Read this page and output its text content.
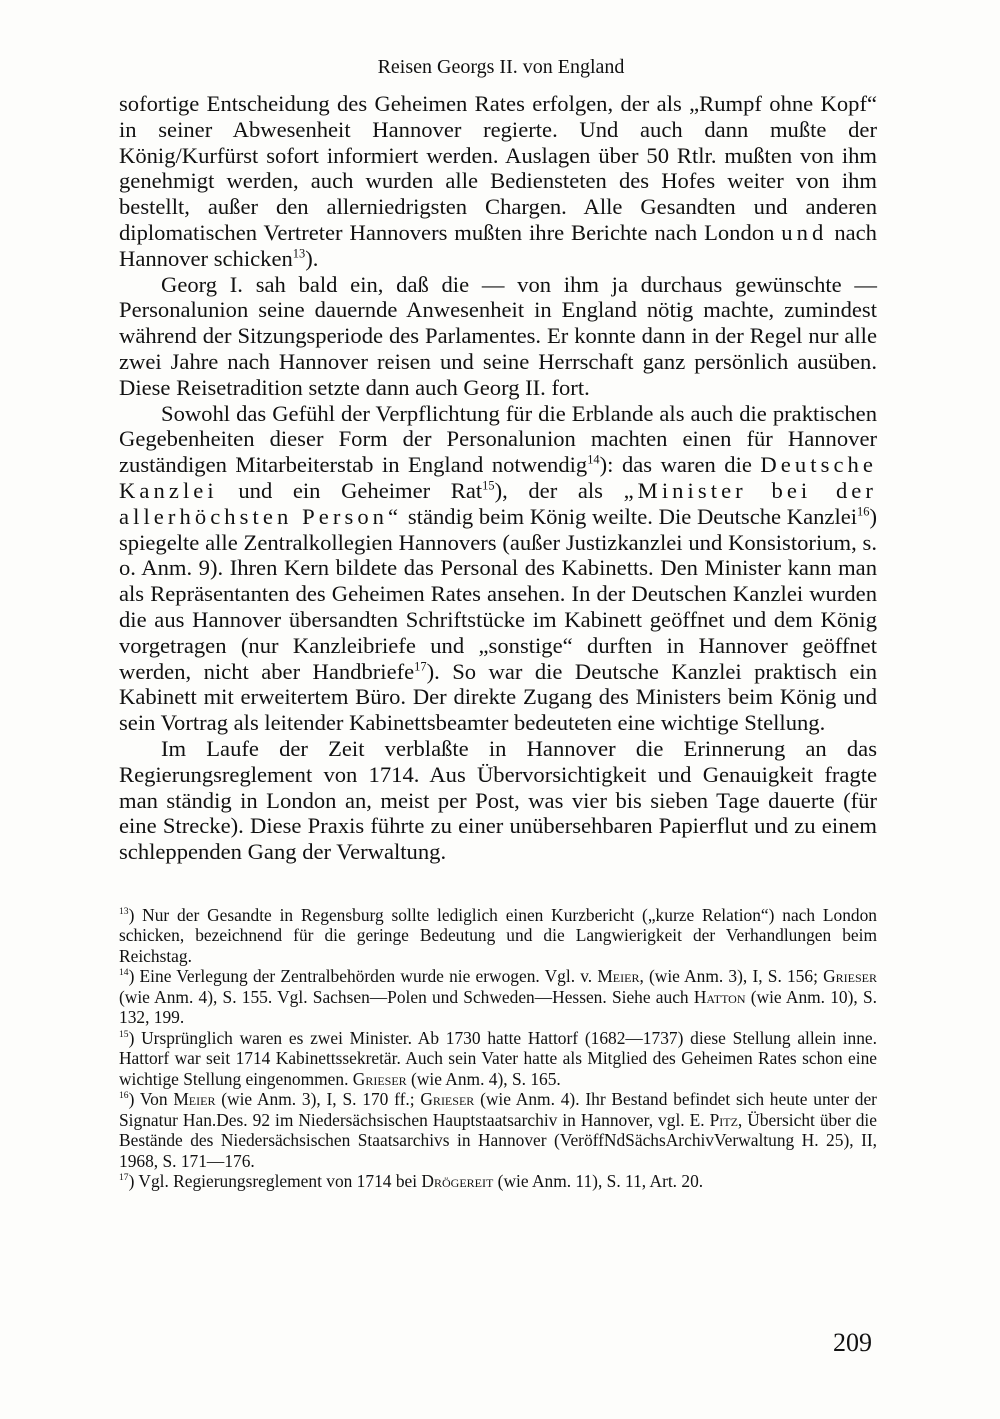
Reisen Georgs II. von England

sofortige Entscheidung des Geheimen Rates erfolgen, der als „Rumpf ohne Kopf“ in seiner Abwesenheit Hannover regierte. Und auch dann mußte der König/Kurfürst sofort informiert werden. Auslagen über 50 Rtlr. mußten von ihm genehmigt werden, auch wurden alle Bediensteten des Hofes weiter von ihm bestellt, außer den allerniedrigsten Chargen. Alle Gesandten und anderen diplomatischen Vertreter Hannovers mußten ihre Berichte nach London und nach Hannover schicken$^{13}$).

Georg I. sah bald ein, daß die — von ihm ja durchaus gewünschte — Personalunion seine dauernde Anwesenheit in England nötig machte, zumindest während der Sitzungsperiode des Parlamentes. Er konnte dann in der Regel nur alle zwei Jahre nach Hannover reisen und seine Herrschaft ganz persönlich ausüben. Diese Reisetradition setzte dann auch Georg II. fort.

Sowohl das Gefühl der Verpflichtung für die Erblande als auch die praktischen Gegebenheiten dieser Form der Personalunion machten einen für Hannover zuständigen Mitarbeiterstab in England notwendig$^{14}$): das waren die Deutsche Kanzlei und ein Geheimer Rat$^{15}$), der als „Minister bei der allerhöchsten Person“ ständig beim König weilte. Die Deutsche Kanzlei$^{16}$) spiegelte alle Zentralkollegien Hannovers (außer Justizkanzlei und Konsistorium, s. o. Anm. 9). Ihren Kern bildete das Personal des Kabinetts. Den Minister kann man als Repräsentanten des Geheimen Rates ansehen. In der Deutschen Kanzlei wurden die aus Hannover übersandten Schriftstücke im Kabinett geöffnet und dem König vorgetragen (nur Kanzleibriefe und „sonstige“ durften in Hannover geöffnet werden, nicht aber Handbriefe$^{17}$). So war die Deutsche Kanzlei praktisch ein Kabinett mit erweitertem Büro. Der direkte Zugang des Ministers beim König und sein Vortrag als leitender Kabinettsbeamter bedeuteten eine wichtige Stellung.

Im Laufe der Zeit verblaßte in Hannover die Erinnerung an das Regierungsreglement von 1714. Aus Übervorsichtigkeit und Genauigkeit fragte man ständig in London an, meist per Post, was vier bis sieben Tage dauerte (für eine Strecke). Diese Praxis führte zu einer unübersehbaren Papierflut und zu einem schleppenden Gang der Verwaltung.

$^{13}$) Nur der Gesandte in Regensburg sollte lediglich einen Kurzbericht („kurze Relation“) nach London schicken, bezeichnend für die geringe Bedeutung und die Langwierigkeit der Verhandlungen beim Reichstag.

$^{14}$) Eine Verlegung der Zentralbehörden wurde nie erwogen. Vgl. v. Meier, (wie Anm. 3), I, S. 156; Grieser (wie Anm. 4), S. 155. Vgl. Sachsen—Polen und Schweden—Hessen. Siehe auch Hatton (wie Anm. 10), S. 132, 199.

$^{15}$) Ursprünglich waren es zwei Minister. Ab 1730 hatte Hattorf (1682—1737) diese Stellung allein inne. Hattorf war seit 1714 Kabinettssekretär. Auch sein Vater hatte als Mitglied des Geheimen Rates schon eine wichtige Stellung eingenommen. Grieser (wie Anm. 4), S. 165.

$^{16}$) Von Meier (wie Anm. 3), I, S. 170 ff.; Grieser (wie Anm. 4). Ihr Bestand befindet sich heute unter der Signatur Han.Des. 92 im Niedersächsischen Hauptstaatsarchiv in Hannover, vgl. E. Pitz, Übersicht über die Bestände des Niedersächsischen Staatsarchivs in Hannover (VeröffNdSächsArchivVerwaltung H. 25), II, 1968, S. 171—176.

$^{17}$) Vgl. Regierungsreglement von 1714 bei Drögereit (wie Anm. 11), S. 11, Art. 20.

209
